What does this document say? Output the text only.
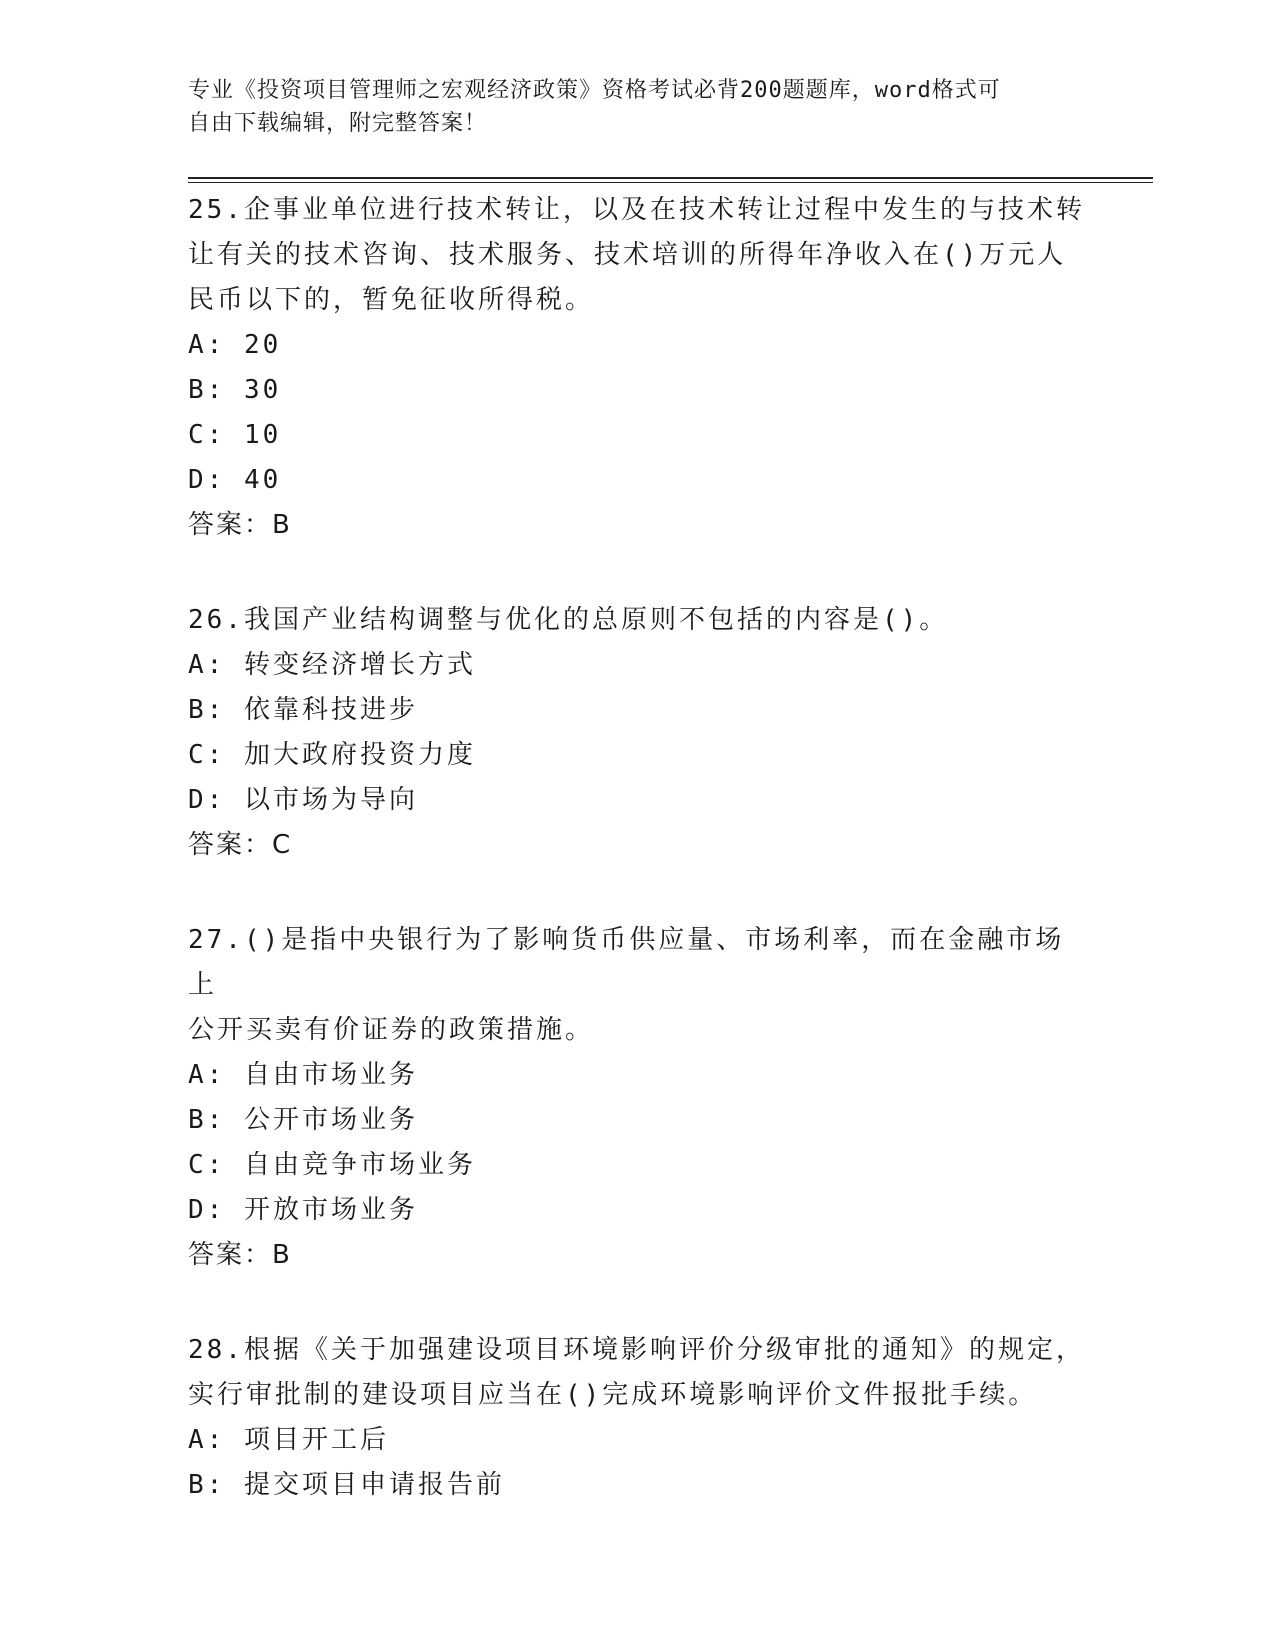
专业《投资项目管理师之宏观经济政策》资格考试必背200题题库，word格式可
自由下载编辑，附完整答案！

25.企事业单位进行技术转让，以及在技术转让过程中发生的与技术转

让有关的技术咨询、技术服务、技术培训的所得年净收入在()万元人

民币以下的，暂免征收所得税。

A: 20

B: 30

C: 10

D: 40

答案：B

26.我国产业结构调整与优化的总原则不包括的内容是()。

A: 转变经济增长方式

B: 依靠科技进步

C: 加大政府投资力度

D: 以市场为导向

答案：C

27.()是指中央银行为了影响货币供应量、市场利率，而在金融市场上

公开买卖有价证券的政策措施。

A: 自由市场业务

B: 公开市场业务

C: 自由竞争市场业务

D: 开放市场业务

答案：B

28.根据《关于加强建设项目环境影响评价分级审批的通知》的规定，

实行审批制的建设项目应当在()完成环境影响评价文件报批手续。

A: 项目开工后

B: 提交项目申请报告前
